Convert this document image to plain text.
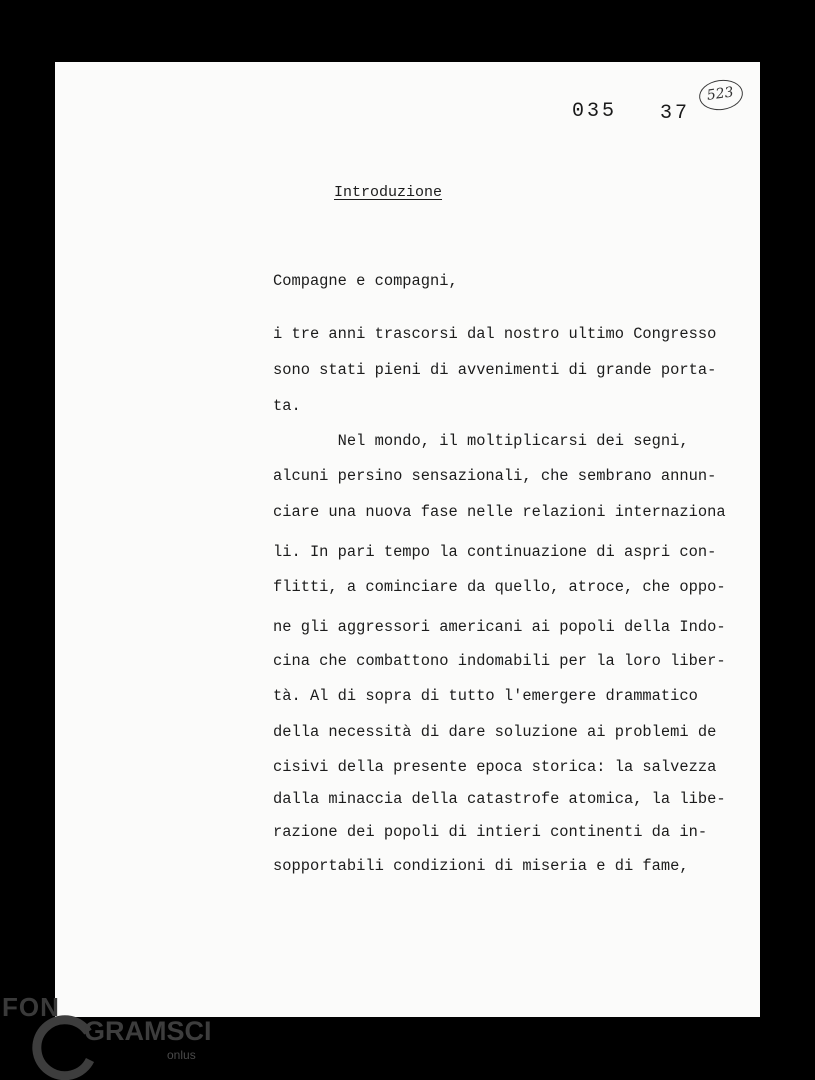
035 37
523
Introduzione
Compagne e compagni,
i tre anni trascorsi dal nostro ultimo Congresso
sono stati pieni di avvenimenti di grande porta-
ta.
Nel mondo, il moltiplicarsi dei segni,
alcuni persino sensazionali, che sembrano annun-
ciare una nuova fase nelle relazioni internaziona
li. In pari tempo la continuazione di aspri con-
flitti, a cominciare da quello, atroce, che oppo-
ne gli aggressori americani ai popoli della Indo-
cina che combattono indomabili per la loro liber-
tà. Al di sopra di tutto l'emergere drammatico
della necessità di dare soluzione ai problemi de
cisivi della presente epoca storica: la salvezza
dalla minaccia della catastrofe atomica, la libe-
razione dei popoli di intieri continenti da in-
sopportabili condizioni di miseria e di fame,
FON
GRAMSCI
onlus
